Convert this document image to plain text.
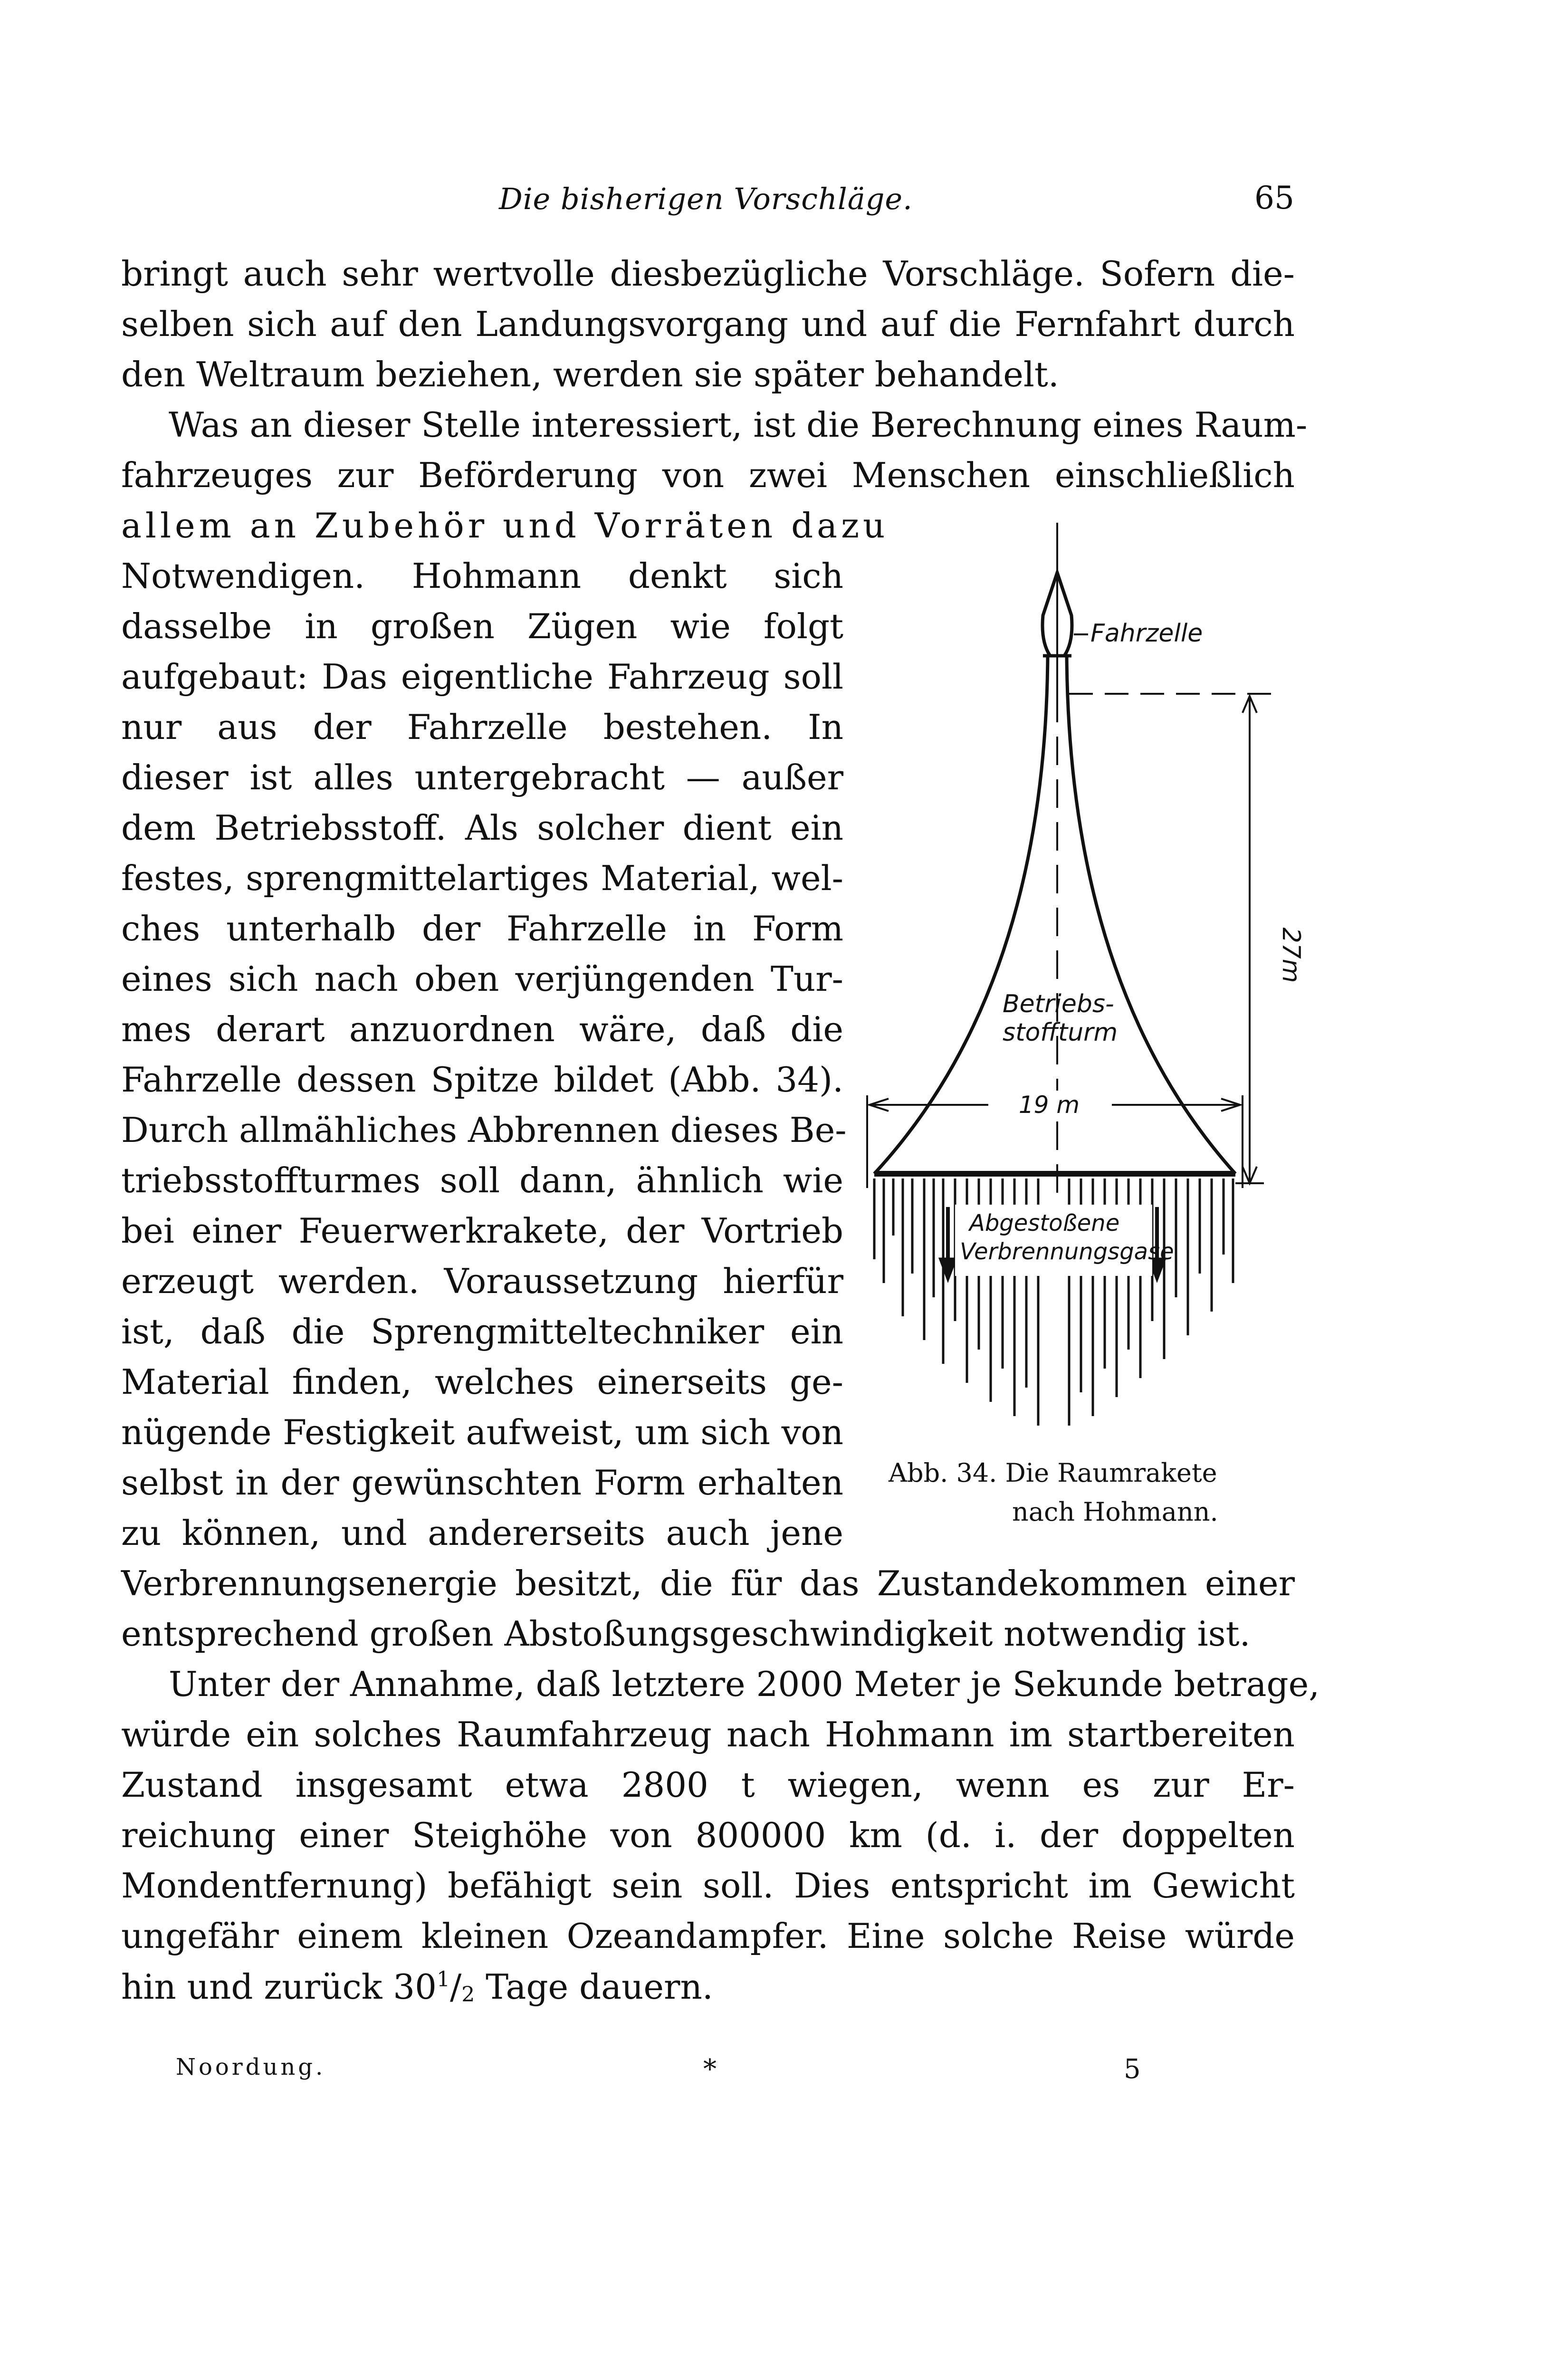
Die bisherigen Vorschläge.	65
bringt auch sehr wertvolle diesbezügliche Vorschläge. Sofern die-
selben sich auf den Landungsvorgang und auf die Fernfahrt durch
den Weltraum beziehen, werden sie später behandelt.
Was an dieser Stelle interessiert, ist die Berechnung eines Raum-
fahrzeuges zur Beförderung von zwei Menschen einschließlich
allem an Zubehör und Vorräten dazu
Notwendigen. Hohmann denkt sich
dasselbe in großen Zügen wie folgt
aufgebaut: Das eigentliche Fahrzeug soll
nur aus der Fahrzelle bestehen. In
dieser ist alles untergebracht — außer
dem Betriebsstoff. Als solcher dient ein
festes, sprengmittelartiges Material, wel-
ches unterhalb der Fahrzelle in Form
eines sich nach oben verjüngenden Tur-
mes derart anzuordnen wäre, daß die
Fahrzelle dessen Spitze bildet (Abb. 34).
Durch allmähliches Abbrennen dieses Be-
triebsstoffturmes soll dann, ähnlich wie
bei einer Feuerwerkrakete, der Vortrieb
erzeugt werden. Voraussetzung hierfür
ist, daß die Sprengmitteltechniker ein
Material finden, welches einerseits ge-
nügende Festigkeit aufweist, um sich von
selbst in der gewünschten Form erhalten
zu können, und andererseits auch jene
Verbrennungsenergie besitzt, die für das Zustandekommen einer
entsprechend großen Abstoßungsgeschwindigkeit notwendig ist.
Unter der Annahme, daß letztere 2000 Meter je Sekunde betrage,
würde ein solches Raumfahrzeug nach Hohmann im startbereiten
Zustand insgesamt etwa 2800 t wiegen, wenn es zur Er-
reichung einer Steighöhe von 800000 km (d. i. der doppelten
Mondentfernung) befähigt sein soll. Dies entspricht im Gewicht
ungefähr einem kleinen Ozeandampfer. Eine solche Reise würde
hin und zurück $30^1/2$ Tage dauern.
Fahrzelle
27m
Betriebs-
stoffturm
19 m
Abgestoßene
Verbrennungsgase
Abb. 34. Die Raumrakete
nach Hohmann.
Noordung.	*	5
